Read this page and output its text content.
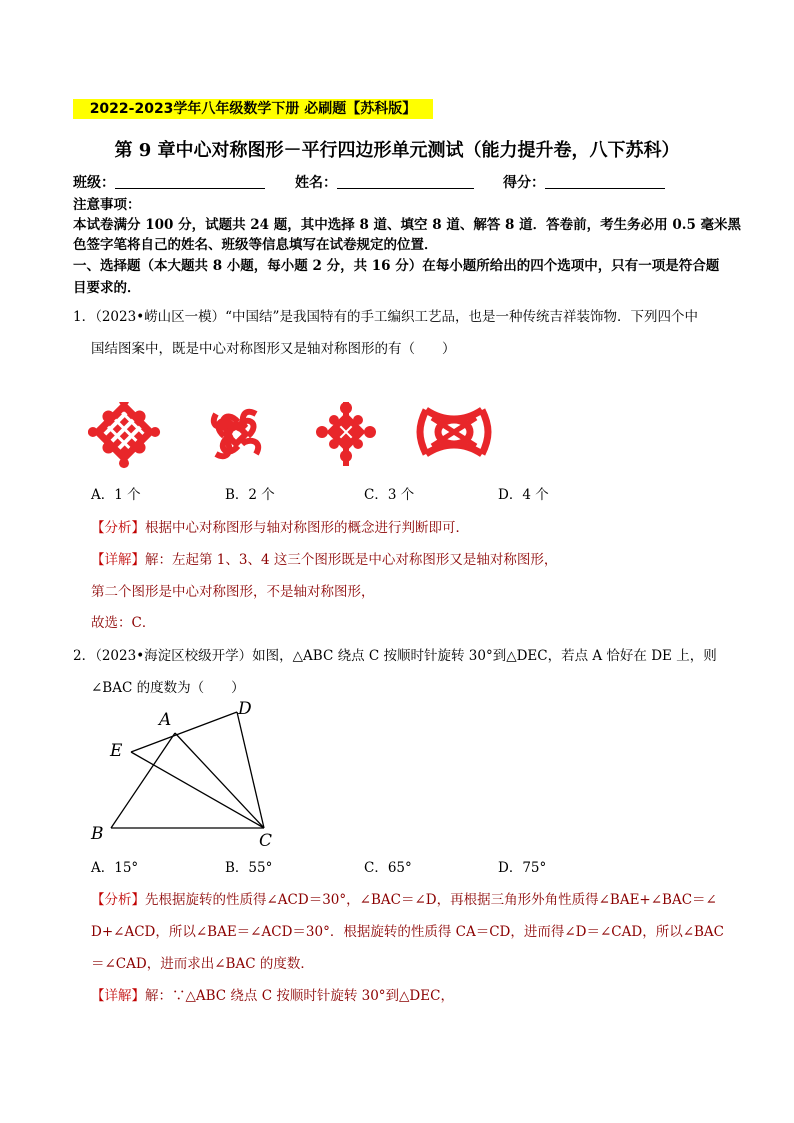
2022-2023学年八年级数学下册 必刷题【苏科版】
第 9 章中心对称图形－平行四边形单元测试（能力提升卷，八下苏科）
班级：	姓名：	得分：
注意事项：
本试卷满分 100 分，试题共 24 题，其中选择 8 道、填空 8 道、解答 8 道．答卷前，考生务必用 0.5 毫米黑
色签字笔将自己的姓名、班级等信息填写在试卷规定的位置．
一、选择题（本大题共 8 小题，每小题 2 分，共 16 分）在每小题所给出的四个选项中，只有一项是符合题
目要求的．
1．（2023•崂山区一模）“中国结”是我国特有的手工编织工艺品，也是一种传统吉祥装饰物．下列四个中
国结图案中，既是中心对称图形又是轴对称图形的有（　　）
A．1 个	B．2 个	C．3 个	D．4 个
【分析】根据中心对称图形与轴对称图形的概念进行判断即可．
【详解】解：左起第 1、3、4 这三个图形既是中心对称图形又是轴对称图形，
第二个图形是中心对称图形，不是轴对称图形，
故选：C．
2．（2023•海淀区校级开学）如图，△ABC 绕点 C 按顺时针旋转 30°到△DEC，若点 A 恰好在 DE 上，则
∠BAC 的度数为（　　）
A
B	C
D
E
A．15°	B．55°	C．65°	D．75°
【分析】先根据旋转的性质得∠ACD＝30°，∠BAC＝∠D，再根据三角形外角性质得∠BAE+∠BAC＝∠
D+∠ACD，所以∠BAE＝∠ACD＝30°．根据旋转的性质得 CA＝CD，进而得∠D＝∠CAD，所以∠BAC
＝∠CAD，进而求出∠BAC 的度数．
【详解】解：∵△ABC 绕点 C 按顺时针旋转 30°到△DEC，
